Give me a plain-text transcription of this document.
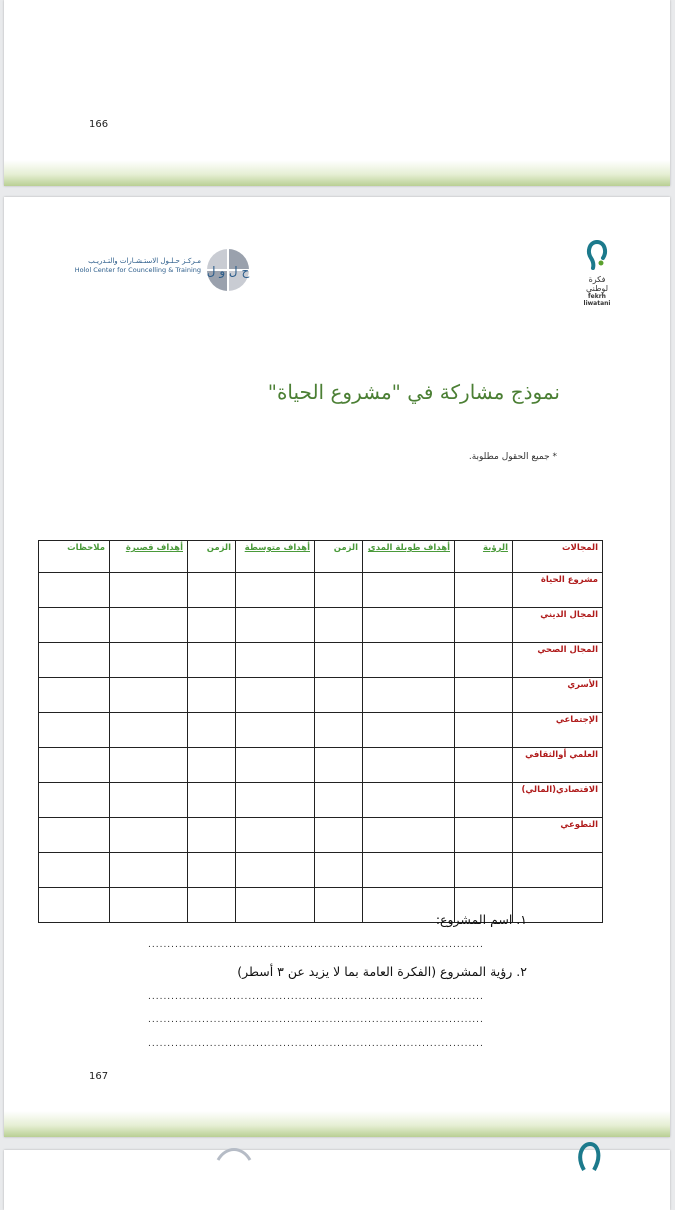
166
فكرة لوطني
fekrh liwatani
مـركـز حـلـول الاستـشـارات والتـدريـب
Holol Center for Councelling & Training ح ل و ل
نموذج مشاركة في "مشروع الحياة"
* جميع الحقول مطلوبة.
المجالات	الرؤية	أهداف طويلة المدى	الزمن	أهداف متوسطة	الزمن	أهداف قصيرة	ملاحظات
مشروع الحياة							
المجال الديني							
المجال الصحي							
الأسري							
الإجتماعي							
العلمي أوالثقافي							
الاقتصادي(المالي)							
التطوعي							

١. اسم المشروع:
.......................................................................................
٢. رؤية المشروع (الفكرة العامة بما لا يزيد عن ٣ أسطر)
.......................................................................................
.......................................................................................
.......................................................................................
167
